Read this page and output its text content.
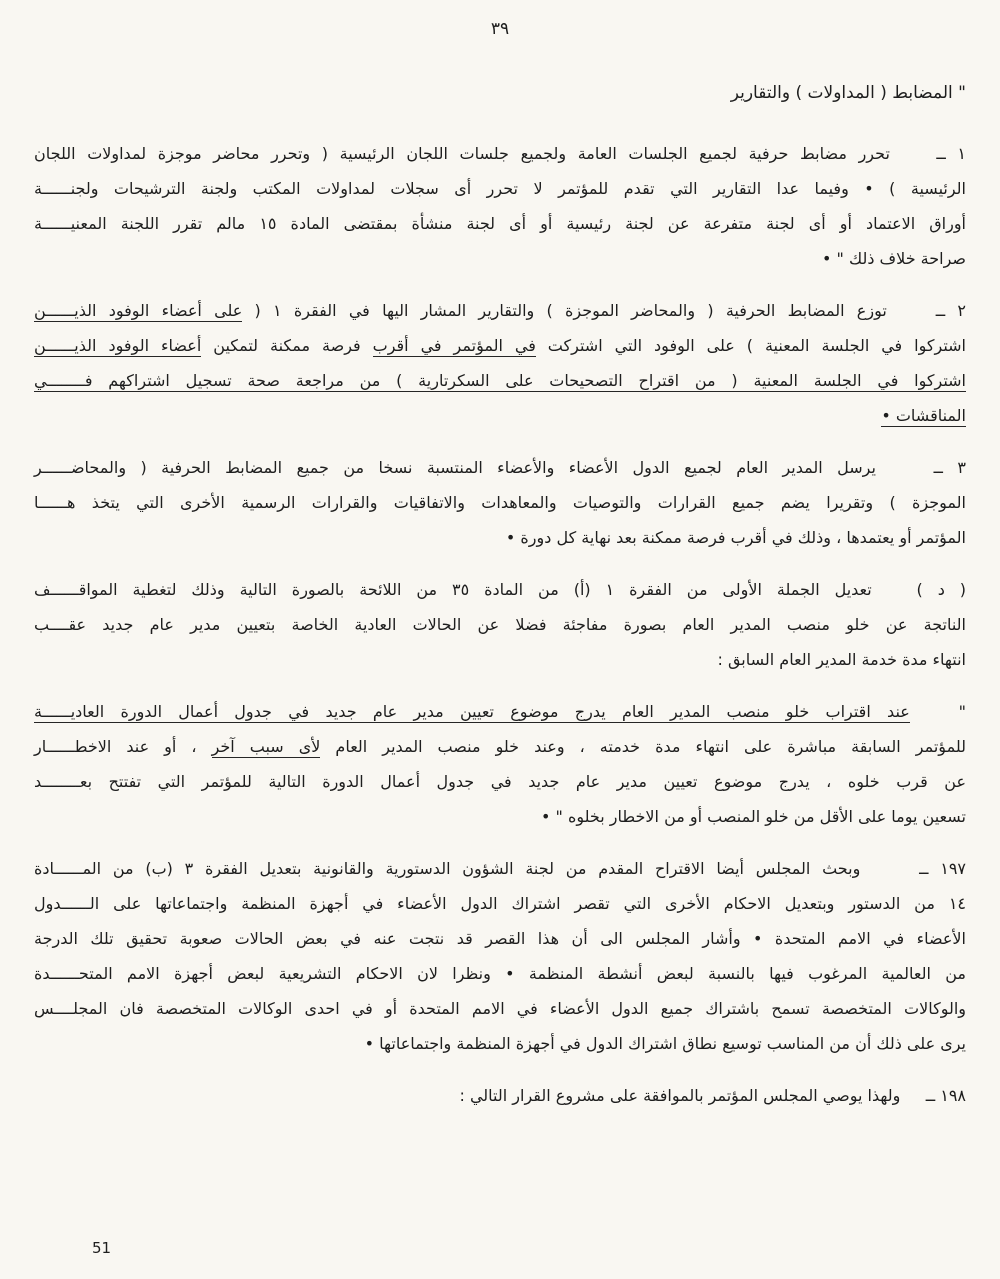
٣٩
" المضابط ( المداولات ) والتقارير
١ ــ    تحرر مضابط حرفية لجميع الجلسات العامة ولجميع جلسات اللجان الرئيسية ( وتحرر محاضر موجزة لمداولات اللجان
الرئيسية ) • وفيما عدا التقارير التي تقدم للمؤتمر لا تحرر أى سجلات لمداولات المكتب ولجنة الترشيحات ولجنــــــة
أوراق الاعتماد أو أى لجنة متفرعة عن لجنة رئيسية أو أى لجنة منشأة بمقتضى المادة ١٥ مالم تقرر اللجنة المعنيــــــة
صراحة خلاف ذلك " •
٢ ــ    توزع المضابط الحرفية ( والمحاضر الموجزة ) والتقارير المشار اليها في الفقرة ١ ( على أعضاء الوفود الذيــــــن
اشتركوا في الجلسة المعنية ) على الوفود التي اشتركت في المؤتمر في أقرب فرصة ممكنة لتمكين أعضاء الوفود الذيــــــن
اشتركوا في الجلسة المعنية ( من اقتراح التصحيحات على السكرتارية ) من مراجعة صحة تسجيل اشتراكهم فــــــــي
المناقشات •
٣ ــ    يرسل المدير العام لجميع الدول الأعضاء والأعضاء المنتسبة نسخا من جميع المضابط الحرفية ( والمحاضــــــر
الموجزة ) وتقريرا يضم جميع القرارات والتوصيات والمعاهدات والاتفاقيات والقرارات الرسمية الأخرى التي يتخذ هــــــا
المؤتمر أو يعتمدها ، وذلك في أقرب فرصة ممكنة بعد نهاية كل دورة •
( د )   تعديل الجملة الأولى من الفقرة ١ (أ) من المادة ٣٥ من اللائحة بالصورة التالية وذلك لتغطية المواقــــــف
الناتجة عن خلو منصب المدير العام بصورة مفاجئة فضلا عن الحالات العادية الخاصة بتعيين مدير عام جديد عقــــب
انتهاء مدة خدمة المدير العام السابق :
"   عند اقتراب خلو منصب المدير العام يدرج موضوع تعيين مدير عام جديد في جدول أعمال الدورة العاديــــــة
للمؤتمر السابقة مباشرة على انتهاء مدة خدمته ، وعند خلو منصب المدير العام لأى سبب آخر ، أو عند الاخطــــــار
عن قرب خلوه ، يدرج موضوع تعيين مدير عام جديد في جدول أعمال الدورة التالية للمؤتمر التي تفتتح بعــــــــد
تسعين يوما على الأقل من خلو المنصب أو من الاخطار بخلوه " •
١٩٧ ــ     وبحث المجلس أيضا الاقتراح المقدم من لجنة الشؤون الدستورية والقانونية بتعديل الفقرة ٣ (ب) من المــــــادة
١٤ من الدستور وبتعديل الاحكام الأخرى التي تقصر اشتراك الدول الأعضاء في أجهزة المنظمة واجتماعاتها على الــــــدول
الأعضاء في الامم المتحدة • وأشار المجلس الى أن هذا القصر قد نتجت عنه في بعض الحالات صعوبة تحقيق تلك الدرجة
من العالمية المرغوب فيها بالنسبة لبعض أنشطة المنظمة • ونظرا لان الاحكام التشريعية لبعض أجهزة الامم المتحــــــدة
والوكالات المتخصصة تسمح باشتراك جميع الدول الأعضاء في الامم المتحدة أو في احدى الوكالات المتخصصة فان المجلــــس
يرى على ذلك أن من المناسب توسيع نطاق اشتراك الدول في أجهزة المنظمة واجتماعاتها •
١٩٨ ــ     ولهذا يوصي المجلس المؤتمر بالموافقة على مشروع القرار التالي :
51
